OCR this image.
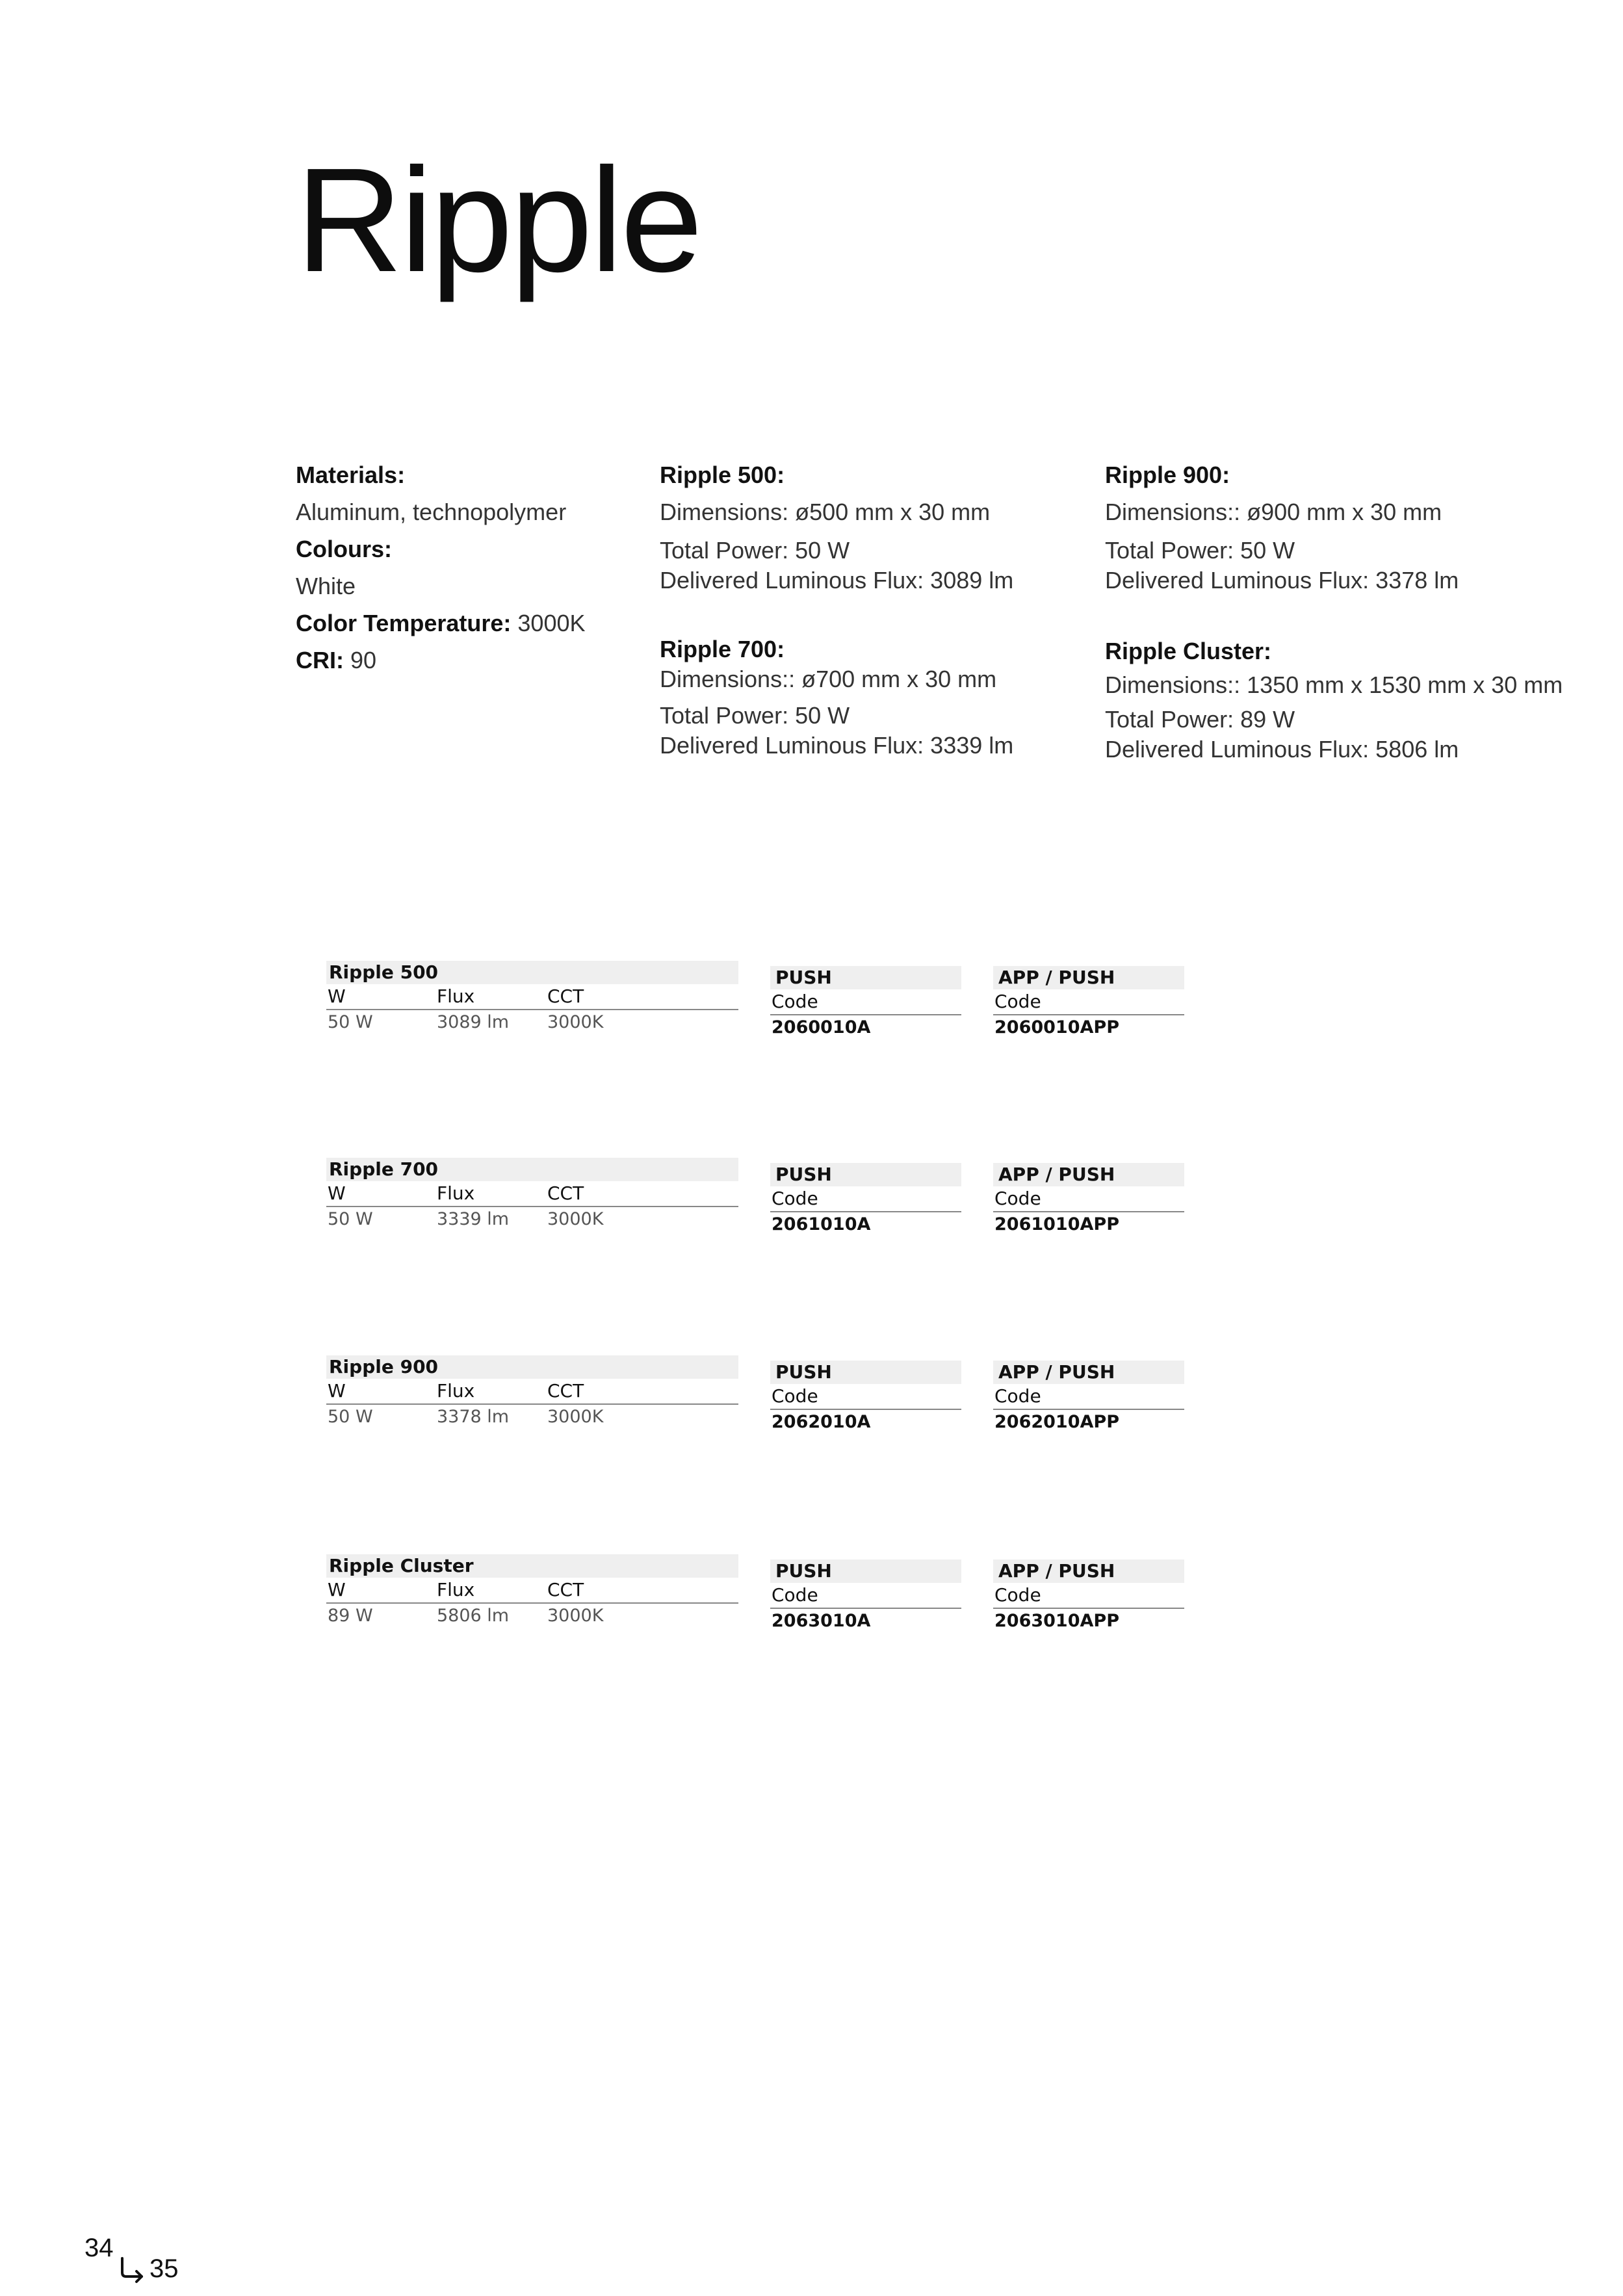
Ripple
Materials:
Aluminum, technopolymer
Colours:
White
Color Temperature: 3000K
CRI: 90
Ripple 500:
Dimensions: ø500 mm x 30 mm
Total Power: 50 W
Delivered Luminous Flux: 3089 lm
Ripple 700:
Dimensions:: ø700 mm x 30 mm
Total Power: 50 W
Delivered Luminous Flux: 3339 lm
Ripple 900:
Dimensions:: ø900 mm x 30 mm
Total Power: 50 W
Delivered Luminous Flux: 3378 lm
Ripple Cluster:
Dimensions:: 1350 mm x 1530 mm x 30 mm
Total Power: 89 W
Delivered Luminous Flux: 5806 lm
Ripple 500
W	Flux	CCT
50 W	3089 lm 3000K
PUSH
Code
2060010A
APP / PUSH
Code
2060010APP
Ripple 700
W	Flux	CCT
50 W	3339 lm 3000K
PUSH
Code
2061010A
APP / PUSH
Code
2061010APP
Ripple 900
W	Flux	CCT
50 W	3378 lm 3000K
PUSH
Code
2062010A
APP / PUSH
Code
2062010APP
Ripple Cluster
W	Flux	CCT
89 W	5806 lm 3000K
PUSH
Code
2063010A
APP / PUSH
Code
2063010APP
34
35
